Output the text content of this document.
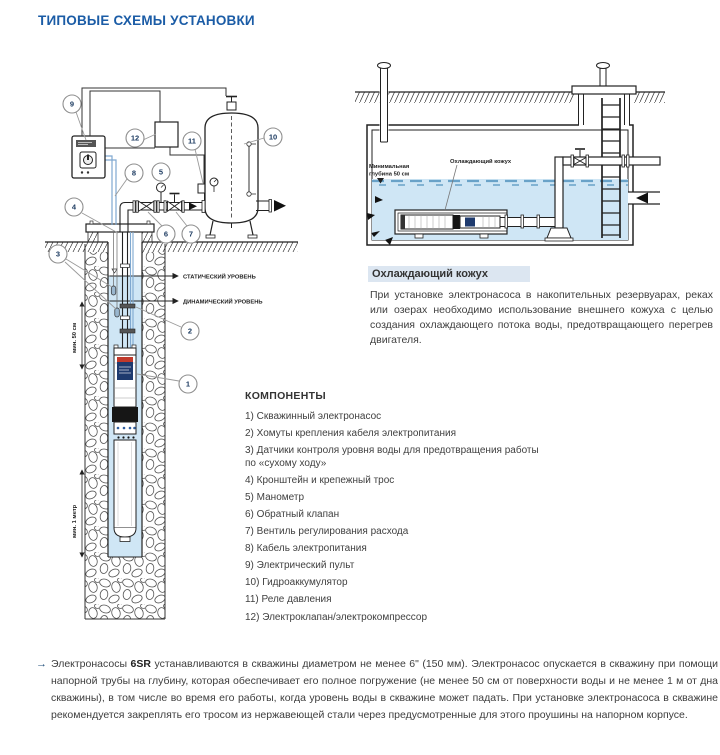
ТИПОВЫЕ СХЕМЫ УСТАНОВКИ
СТАТИЧЕСКИЙ УРОВЕНЬ
ДИНАМИЧЕСКИЙ УРОВЕНЬ
мин. 50 см
мин. 1 метр
9
12	11	10
8	5
4
6	7
3
2
1
Минимальная
глубина 50 см
Охлаждающий кожух
Охлаждающий кожух

При установке электронасоса в накопительных резервуарах, реках или озерах необходимо использование внешнего кожуха с целью создания охлаждающего потока воды, предотвращающего перегрев двигателя.

КОМПОНЕНТЫ
1) Скважинный электронасос
2) Хомуты крепления кабеля электропитания
3) Датчики контроля уровня воды для предотвращения работы по «сухому ходу»
4) Кронштейн и крепежный трос
5) Манометр
6) Обратный клапан
7) Вентиль регулирования расхода
8) Кабель электропитания
9) Электрический пульт
10) Гидроаккумулятор
11) Реле давления
12) Электроклапан/электрокомпрессор
→ Электронасосы 6SR устанавливаются в скважины диаметром не менее 6" (150 мм). Электронасос опускается в скважину при помощи напорной трубы на глубину, которая обеспечивает его полное погружение (не менее 50 см от поверхности воды и не менее 1 м от дна скважины), в том числе во время его работы, когда уровень воды в скважине может падать. При установке электронасоса в скважине рекомендуется закреплять его тросом из нержавеющей стали через предусмотренные для этого проушины на напорном корпусе.
